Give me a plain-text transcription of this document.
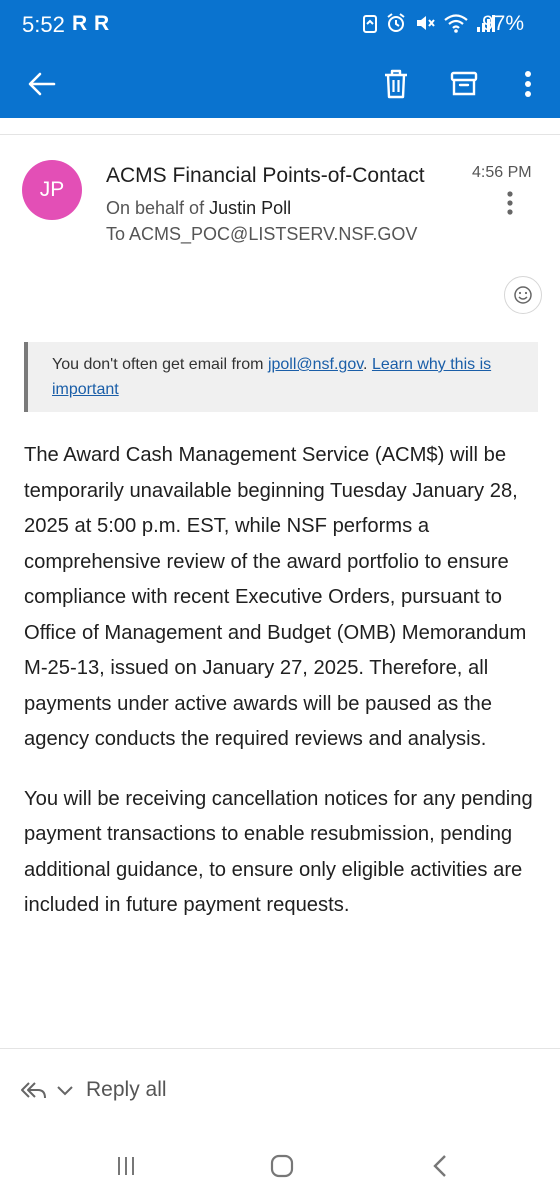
5:52 R R	97%
JP
ACMS Financial Points-of-Contact	4:56 PM
On behalf of Justin Poll
To ACMS_POC@LISTSERV.NSF.GOV
You don't often get email from jpoll@nsf.gov. Learn why this is important

The Award Cash Management Service (ACM$) will be temporarily unavailable beginning Tuesday January 28, 2025 at 5:00 p.m. EST, while NSF performs a comprehensive review of the award portfolio to ensure compliance with recent Executive Orders, pursuant to Office of Management and Budget (OMB) Memorandum M-25-13, issued on January 27, 2025. Therefore, all payments under active awards will be paused as the agency conducts the required reviews and analysis.

You will be receiving cancellation notices for any pending payment transactions to enable resubmission, pending additional guidance, to ensure only eligible activities are included in future payment requests.

Reply all
